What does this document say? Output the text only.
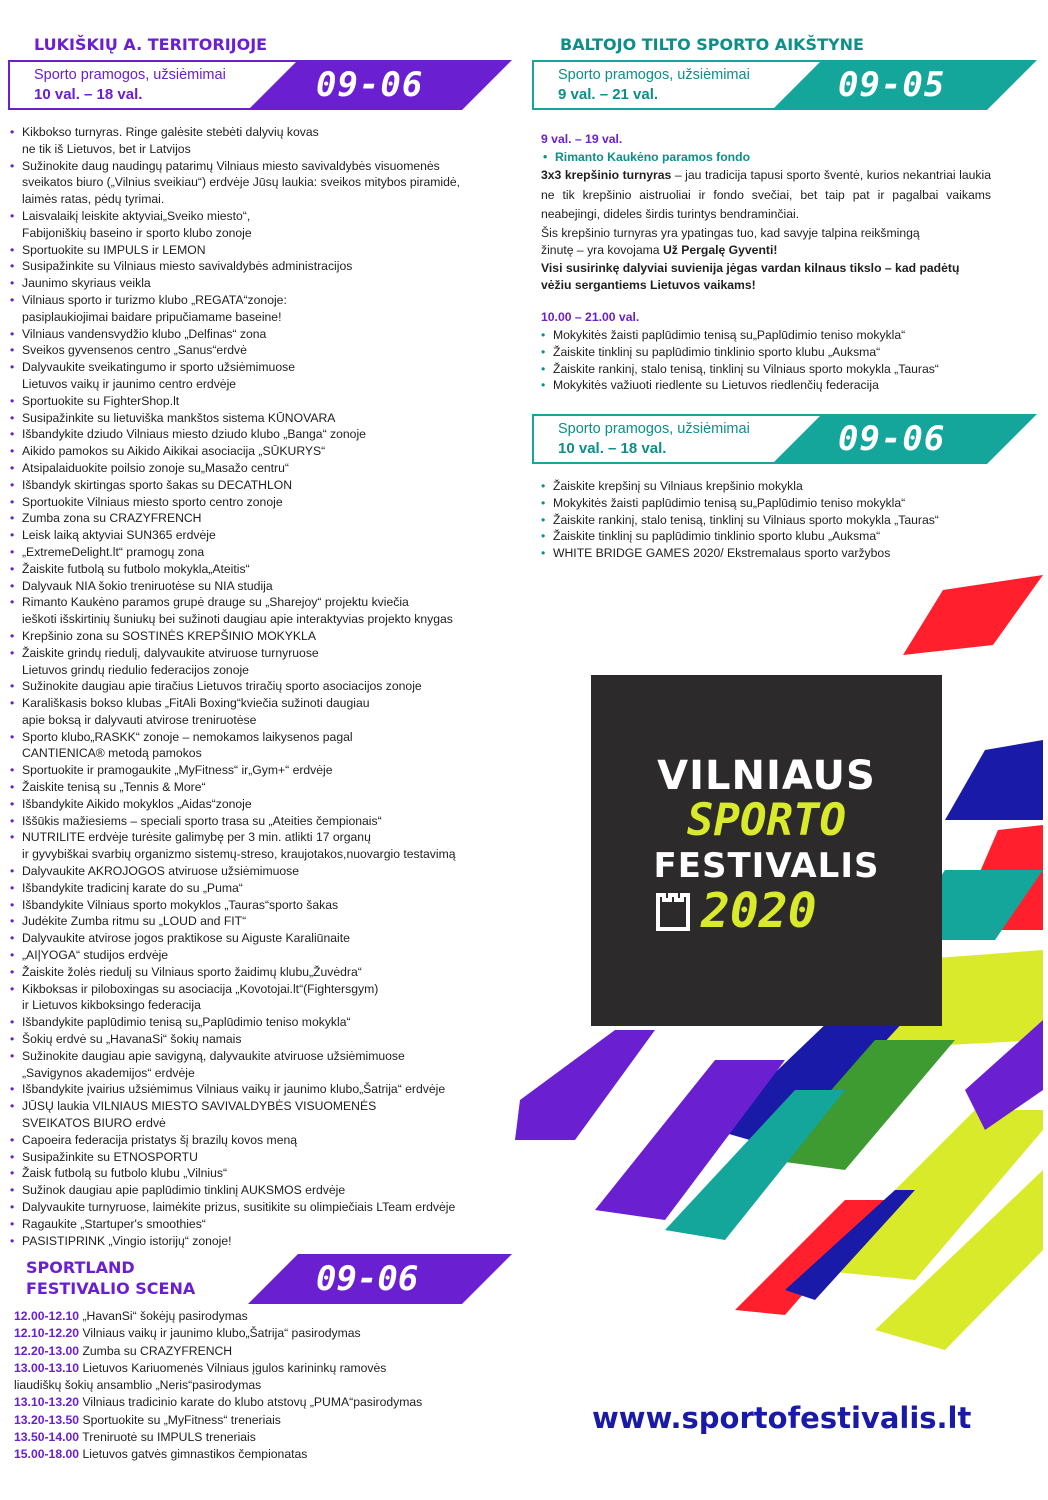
LUKIŠKIŲ A. TERITORIJOJE
Sporto pramogos, užsiėmimai
10 val. – 18 val.	09-06
• Kikbokso turnyras. Ringe galėsite stebėti dalyvių kovas
ne tik iš Lietuvos, bet ir Latvijos
• Sužinokite daug naudingų patarimų Vilniaus miesto savivaldybės visuomenės
sveikatos biuro („Vilnius sveikiau“) erdvėje Jūsų laukia: sveikos mitybos piramidė,
laimės ratas, pėdų tyrimai.
• Laisvalaikį leiskite aktyviai„Sveiko miesto“,
Fabijoniškių baseino ir sporto klubo zonoje
• Sportuokite su IMPULS ir LEMON
• Susipažinkite su Vilniaus miesto savivaldybės administracijos
• Jaunimo skyriaus veikla
• Vilniaus sporto ir turizmo klubo „REGATA“zonoje:
pasiplaukiojimai baidare pripučiamame baseine!
• Vilniaus vandensvydžio klubo „Delfinas“ zona
• Sveikos gyvensenos centro „Sanus“erdvė
• Dalyvaukite sveikatingumo ir sporto užsiėmimuose
Lietuvos vaikų ir jaunimo centro erdvėje
• Sportuokite su FighterShop.lt
• Susipažinkite su lietuviška mankštos sistema KŪNOVARA
• Išbandykite dziudo Vilniaus miesto dziudo klubo „Banga“ zonoje
• Aikido pamokos su Aikido Aikikai asociacija „SŪKURYS“
• Atsipalaiduokite poilsio zonoje su„Masažo centru“
• Išbandyk skirtingas sporto šakas su DECATHLON
• Sportuokite Vilniaus miesto sporto centro zonoje
• Zumba zona su CRAZYFRENCH
• Leisk laiką aktyviai SUN365 erdvėje
• „ExtremeDelight.lt“ pramogų zona
• Žaiskite futbolą su futbolo mokykla„Ateitis“
• Dalyvauk NIA šokio treniruotėse su NIA studija
• Rimanto Kaukėno paramos grupė drauge su „Sharejoy“ projektu kviečia
ieškoti išskirtinių šuniukų bei sužinoti daugiau apie interaktyvias projekto knygas
• Krepšinio zona su SOSTINĖS KREPŠINIO MOKYKLA
• Žaiskite grindų riedulį, dalyvaukite atviruose turnyruose
Lietuvos grindų riedulio federacijos zonoje
• Sužinokite daugiau apie tiračius Lietuvos triračių sporto asociacijos zonoje
• Karališkasis bokso klubas „FitAli Boxing“kviečia sužinoti daugiau
apie boksą ir dalyvauti atvirose treniruotėse
• Sporto klubo„RASKK“ zonoje – nemokamos laikysenos pagal
CANTIENICA® metodą pamokos
• Sportuokite ir pramogaukite „MyFitness“ ir„Gym+“ erdvėje
• Žaiskite tenisą su „Tennis & More“
• Išbandykite Aikido mokyklos „Aidas“zonoje
• Iššūkis mažiesiems – speciali sporto trasa su „Ateities čempionais“
• NUTRILITE erdvėje turėsite galimybę per 3 min. atlikti 17 organų
ir gyvybiškai svarbių organizmo sistemų-streso, kraujotakos,nuovargio testavimą
• Dalyvaukite AKROJOGOS atviruose užsiėmimuose
• Išbandykite tradicinį karate do su „Puma“
• Išbandykite Vilniaus sporto mokyklos „Tauras“sporto šakas
• Judėkite Zumba ritmu su „LOUD and FIT“
• Dalyvaukite atvirose jogos praktikose su Aiguste Karaliūnaite
• „AI|YOGA“ studijos erdvėje
• Žaiskite žolės riedulį su Vilniaus sporto žaidimų klubu„Žuvėdra“
• Kikboksas ir piloboxingas su asociacija „Kovotojai.lt“(Fightersgym)
ir Lietuvos kikboksingo federacija
• Išbandykite paplūdimio tenisą su„Paplūdimio teniso mokykla“
• Šokių erdvė su „HavanaSi“ šokių namais
• Sužinokite daugiau apie savigyną, dalyvaukite atviruose užsiėmimuose
„Savigynos akademijos“ erdvėje
• Išbandykite įvairius užsiėmimus Vilniaus vaikų ir jaunimo klubo„Šatrija“ erdvėje
• JŪSŲ laukia VILNIAUS MIESTO SAVIVALDYBĖS VISUOMENĖS
SVEIKATOS BIURO erdvė
• Capoeira federacija pristatys šį brazilų kovos meną
• Susipažinkite su ETNOSPORTU
• Žaisk futbolą su futbolo klubu „Vilnius“
• Sužinok daugiau apie paplūdimio tinklinį AUKSMOS erdvėje
• Dalyvaukite turnyruose, laimėkite prizus, susitikite su olimpiečiais LTeam erdvėje
• Ragaukite „Startuper's smoothies“
• PASISTIPRINK „Vingio istorijų“ zonoje!
SPORTLAND
FESTIVALIO SCENA	09-06
12.00-12.10 „HavanSi“ šokėjų pasirodymas
12.10-12.20 Vilniaus vaikų ir jaunimo klubo„Šatrija“ pasirodymas
12.20-13.00 Zumba su CRAZYFRENCH
13.00-13.10 Lietuvos Kariuomenės Vilniaus įgulos karininkų ramovės
liaudiškų šokių ansamblio „Neris“pasirodymas
13.10-13.20 Vilniaus tradicinio karate do klubo atstovų „PUMA“pasirodymas
13.20-13.50 Sportuokite su „MyFitness“ treneriais
13.50-14.00 Treniruotė su IMPULS treneriais
15.00-18.00 Lietuvos gatvės gimnastikos čempionatas
BALTOJO TILTO SPORTO AIKŠTYNE
Sporto pramogos, užsiėmimai
9 val. – 21 val.	09-05
9 val. – 19 val.
• Rimanto Kaukėno paramos fondo
3x3 krepšinio turnyras – jau tradicija tapusi sporto šventė, kurios nekantriai laukia ne tik krepšinio aistruoliai ir fondo svečiai, bet taip pat ir pagalbai vaikams neabejingi, dideles širdis turintys bendraminčiai.
Šis krepšinio turnyras yra ypatingas tuo, kad savyje talpina reikšmingą
žinutę – yra kovojama Už Pergalę Gyventi!
Visi susirinkę dalyviai suvienija jėgas vardan kilnaus tikslo – kad padėtų vėžiu sergantiems Lietuvos vaikams!
10.00 – 21.00 val.
• Mokykitės žaisti paplūdimio tenisą su„Paplūdimio teniso mokykla“
• Žaiskite tinklinį su paplūdimio tinklinio sporto klubu „Auksma“
• Žaiskite rankinį, stalo tenisą, tinklinį su Vilniaus sporto mokykla „Tauras“
• Mokykitės važiuoti riedlente su Lietuvos riedlenčių federacija
Sporto pramogos, užsiėmimai
10 val. – 18 val.	09-06
• Žaiskite krepšinį su Vilniaus krepšinio mokykla
• Mokykitės žaisti paplūdimio tenisą su„Paplūdimio teniso mokykla“
• Žaiskite rankinį, stalo tenisą, tinklinį su Vilniaus sporto mokykla „Tauras“
• Žaiskite tinklinį su paplūdimio tinklinio sporto klubu „Auksma“
• WHITE BRIDGE GAMES 2020/ Ekstremalaus sporto varžybos
VILNIAUS
SPORTO
FESTIVALIS
2020
www.sportofestivalis.lt
